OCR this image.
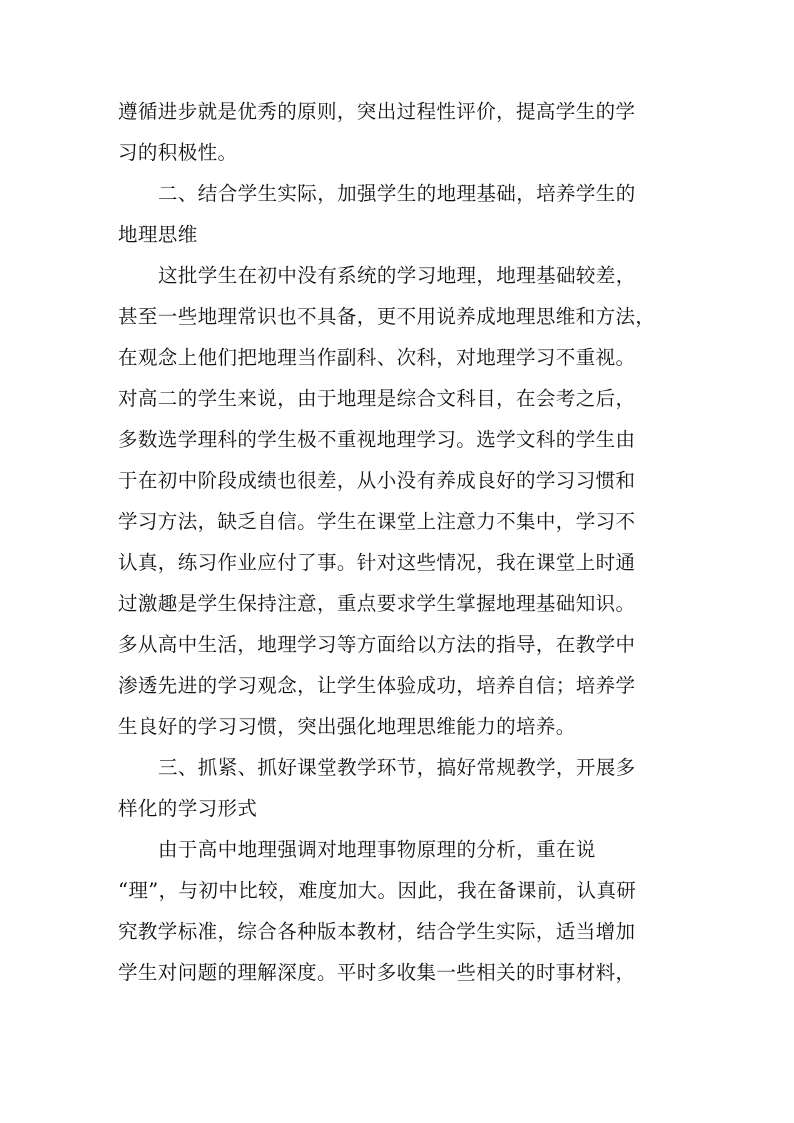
遵循进步就是优秀的原则，突出过程性评价，提高学生的学
习的积极性。
二、结合学生实际，加强学生的地理基础，培养学生的
地理思维
这批学生在初中没有系统的学习地理，地理基础较差，
甚至一些地理常识也不具备，更不用说养成地理思维和方法，
在观念上他们把地理当作副科、次科，对地理学习不重视。
对高二的学生来说，由于地理是综合文科目，在会考之后，
多数选学理科的学生极不重视地理学习。选学文科的学生由
于在初中阶段成绩也很差，从小没有养成良好的学习习惯和
学习方法，缺乏自信。学生在课堂上注意力不集中，学习不
认真，练习作业应付了事。针对这些情况，我在课堂上时通
过激趣是学生保持注意，重点要求学生掌握地理基础知识。
多从高中生活，地理学习等方面给以方法的指导，在教学中
渗透先进的学习观念，让学生体验成功，培养自信；培养学
生良好的学习习惯，突出强化地理思维能力的培养。
三、抓紧、抓好课堂教学环节，搞好常规教学，开展多
样化的学习形式
由于高中地理强调对地理事物原理的分析，重在说
“理”，与初中比较，难度加大。因此，我在备课前，认真研
究教学标准，综合各种版本教材，结合学生实际，适当增加
学生对问题的理解深度。平时多收集一些相关的时事材料，
